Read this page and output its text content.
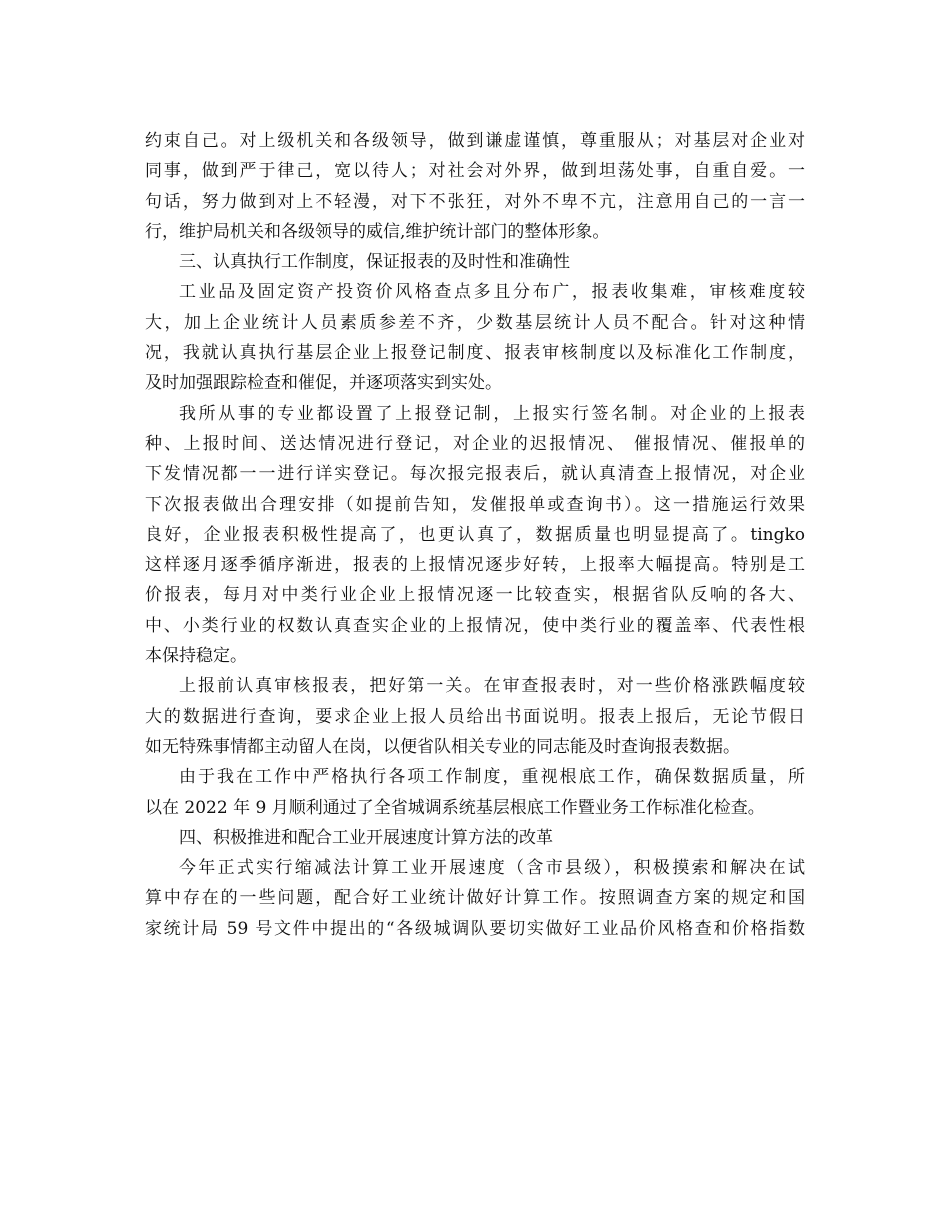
约束自己。对上级机关和各级领导，做到谦虚谨慎，尊重服从；对基层对企业对
同事，做到严于律己，宽以待人；对社会对外界，做到坦荡处事，自重自爱。一
句话，努力做到对上不轻漫，对下不张狂，对外不卑不亢，注意用自己的一言一
行，维护局机关和各级领导的威信,维护统计部门的整体形象。
三、认真执行工作制度，保证报表的及时性和准确性
工业品及固定资产投资价风格查点多且分布广，报表收集难，审核难度较
大，加上企业统计人员素质参差不齐，少数基层统计人员不配合。针对这种情
况，我就认真执行基层企业上报登记制度、报表审核制度以及标准化工作制度，
及时加强跟踪检查和催促，并逐项落实到实处。
我所从事的专业都设置了上报登记制，上报实行签名制。对企业的上报表
种、上报时间、送达情况进行登记，对企业的迟报情况、 催报情况、催报单的
下发情况都一一进行详实登记。每次报完报表后，就认真清查上报情况，对企业
下次报表做出合理安排（如提前告知，发催报单或查询书）。这一措施运行效果
良好，企业报表积极性提高了，也更认真了，数据质量也明显提高了。tingko
这样逐月逐季循序渐进，报表的上报情况逐步好转，上报率大幅提高。特别是工
价报表，每月对中类行业企业上报情况逐一比较查实，根据省队反响的各大、
中、小类行业的权数认真查实企业的上报情况，使中类行业的覆盖率、代表性根
本保持稳定。
上报前认真审核报表，把好第一关。在审查报表时，对一些价格涨跌幅度较
大的数据进行查询，要求企业上报人员给出书面说明。报表上报后，无论节假日
如无特殊事情都主动留人在岗，以便省队相关专业的同志能及时查询报表数据。
由于我在工作中严格执行各项工作制度，重视根底工作，确保数据质量，所
以在 2022 年 9 月顺利通过了全省城调系统基层根底工作暨业务工作标准化检查。
四、积极推进和配合工业开展速度计算方法的改革
今年正式实行缩减法计算工业开展速度（含市县级），积极摸索和解决在试
算中存在的一些问题，配合好工业统计做好计算工作。按照调查方案的规定和国
家统计局 59 号文件中提出的“各级城调队要切实做好工业品价风格查和价格指数
